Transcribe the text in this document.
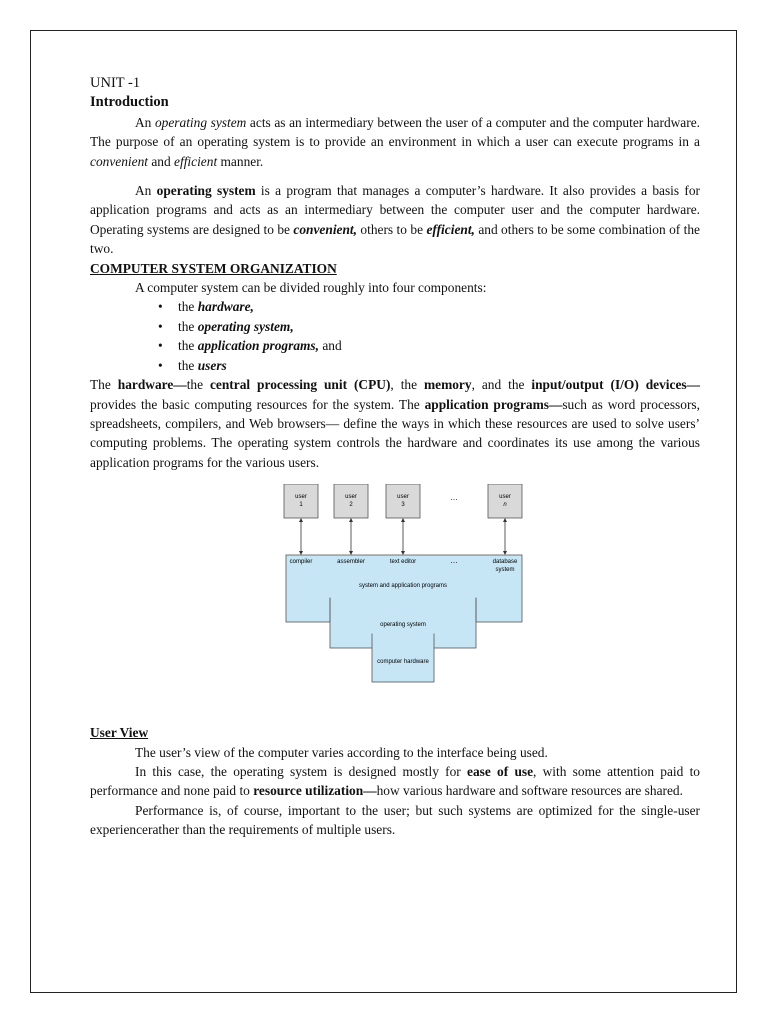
UNIT -1

Introduction

An operating system acts as an intermediary between the user of a computer and the computer hardware. The purpose of an operating system is to provide an environment in which a user can execute programs in a convenient and efficient manner.

An operating system is a program that manages a computer’s hardware. It also provides a basis for application programs and acts as an intermediary between the computer user and the computer hardware. Operating systems are designed to be convenient, others to be efficient, and others to be some combination of the two.

COMPUTER SYSTEM ORGANIZATION

A computer system can be divided roughly into four components:

• the hardware,
• the operating system,
• the application programs, and
• the users

The hardware—the central processing unit (CPU), the memory, and the input/output (I/O) devices— provides the basic computing resources for the system. The application programs—such as word processors, spreadsheets, compilers, and Web browsers— define the ways in which these resources are used to solve users’ computing problems. The operating system controls the hardware and coordinates its use among the various application programs for the various users.

user
1
user
2
user
3
…	user
n
compiler	assembler	text editor	…	database
system
system and application programs
operating system
computer hardware

User View

The user’s view of the computer varies according to the interface being used.

In this case, the operating system is designed mostly for ease of use, with some attention paid to performance and none paid to resource utilization—how various hardware and software resources are shared.

Performance is, of course, important to the user; but such systems are optimized for the single-user experiencerather than the requirements of multiple users.
